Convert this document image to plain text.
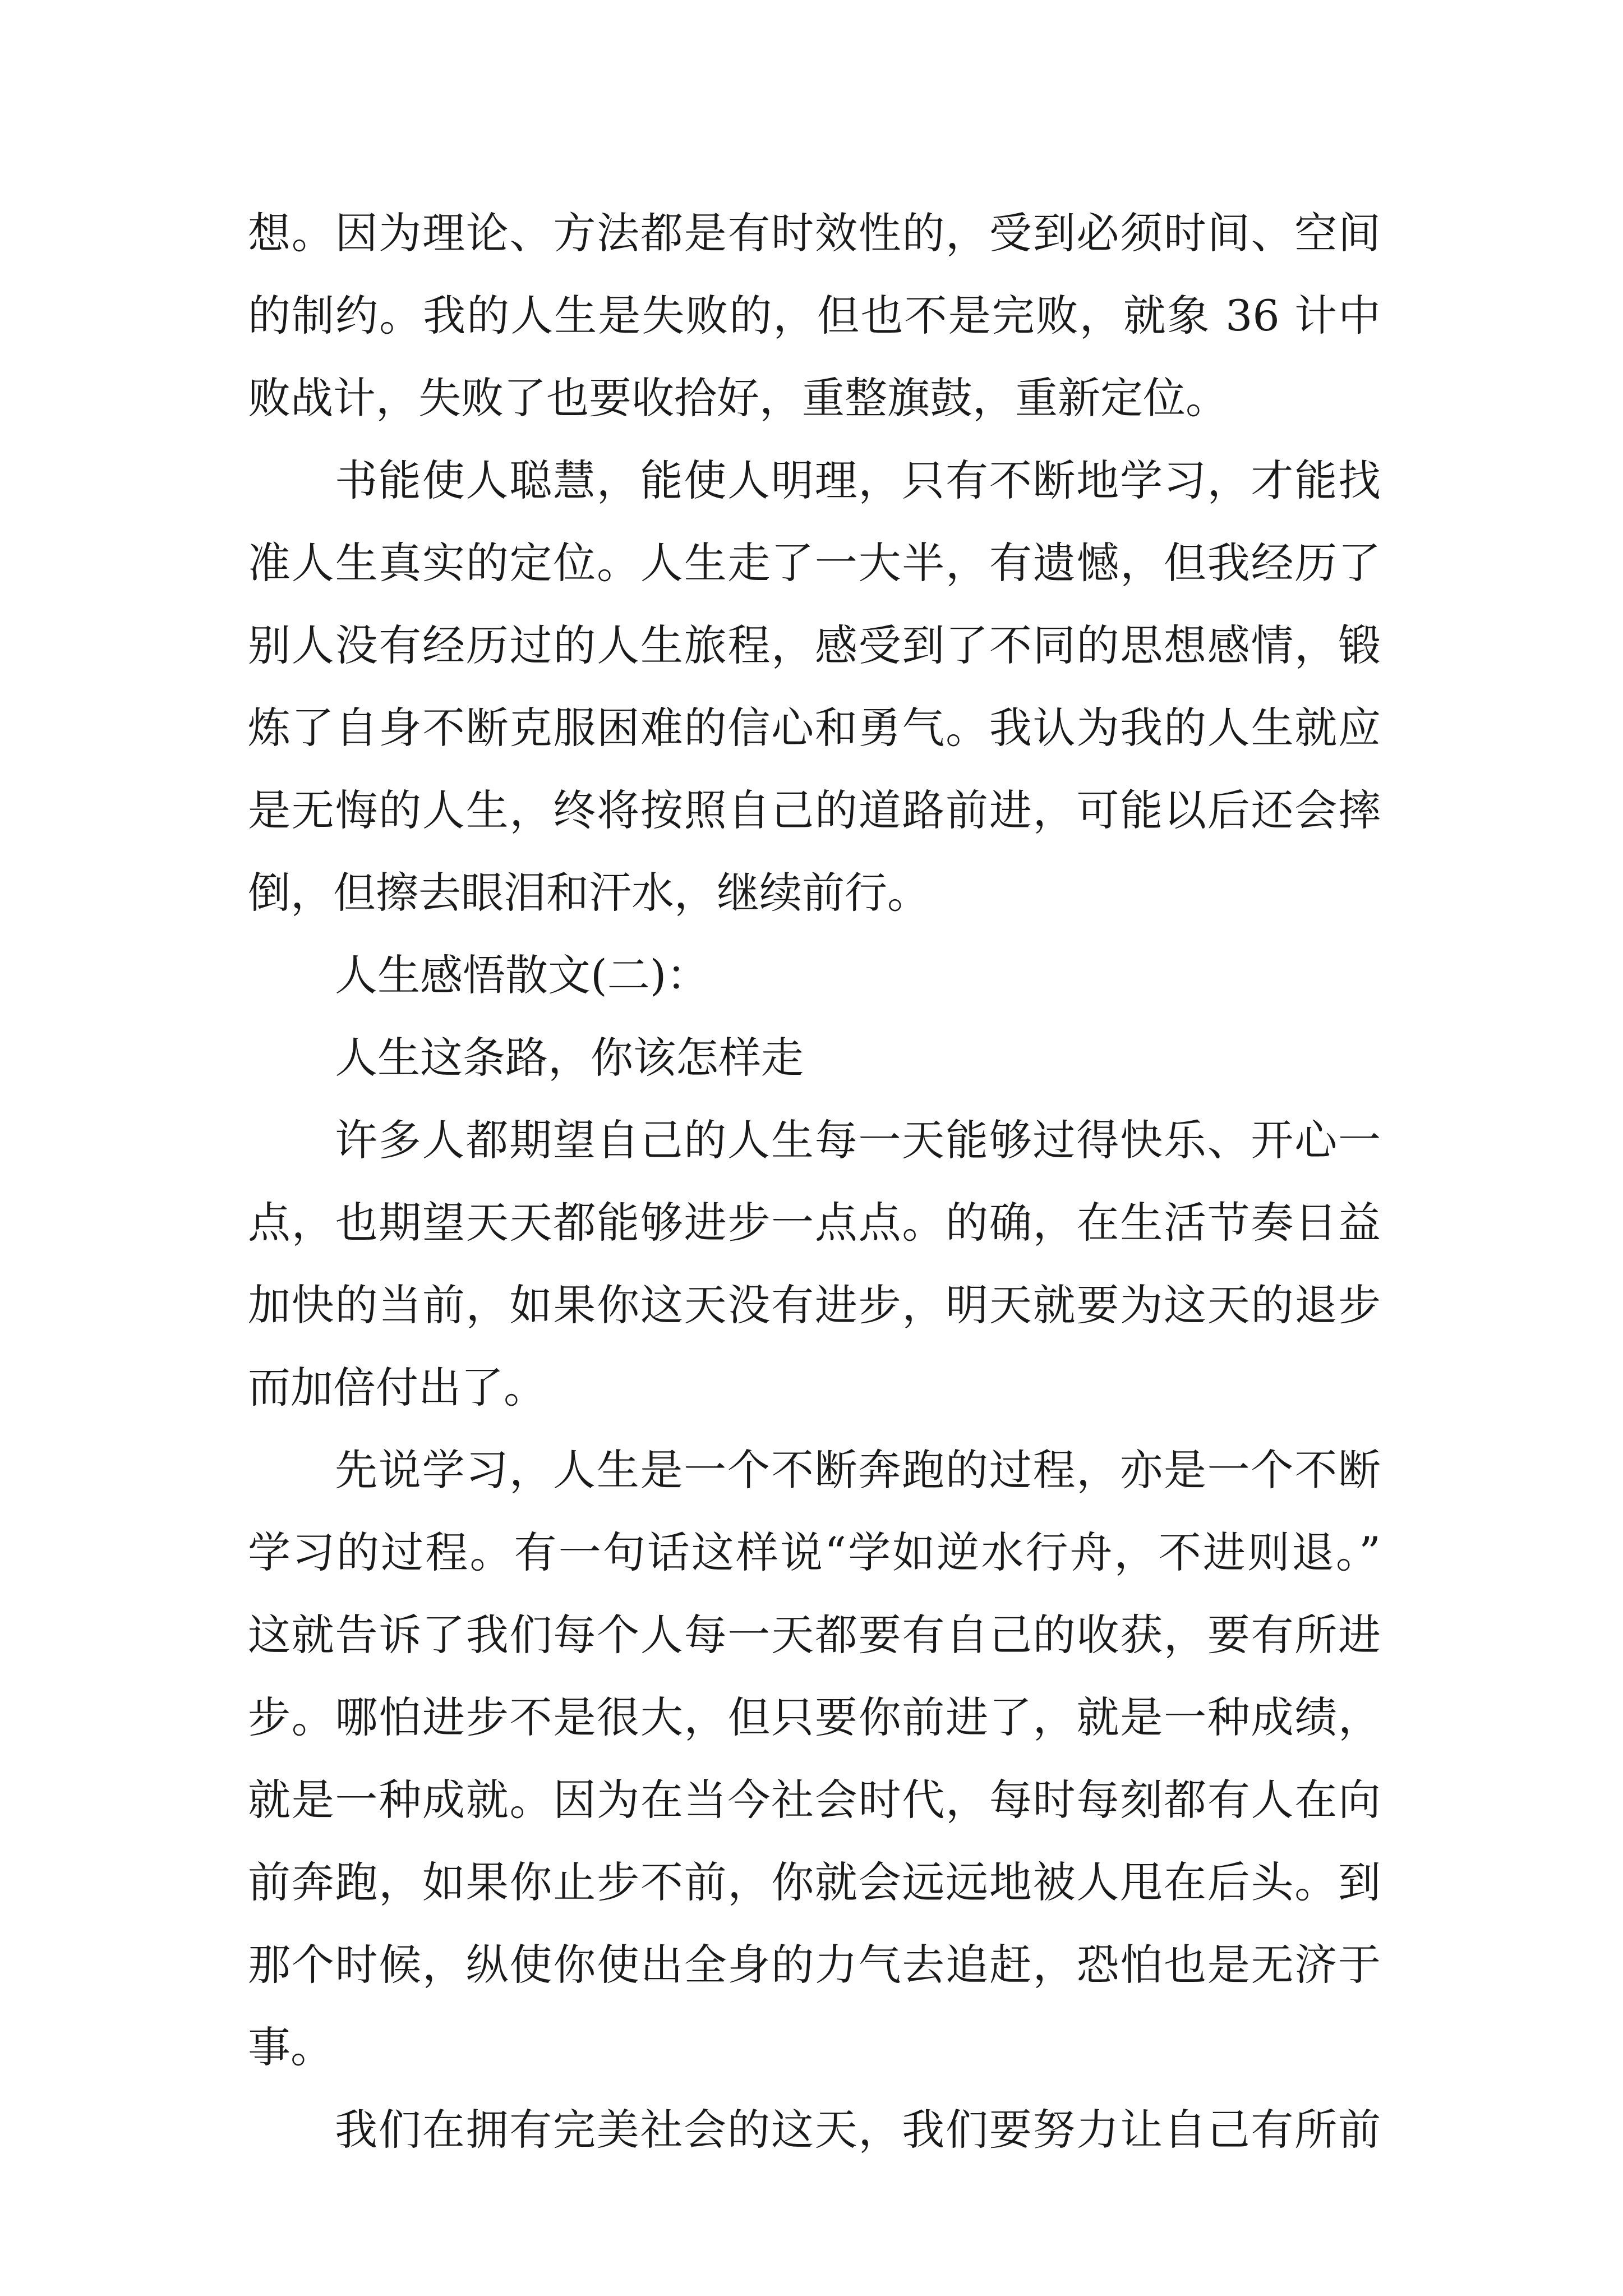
想。因为理论、方法都是有时效性的，受到必须时间、空间
的制约。我的人生是失败的，但也不是完败，就象 36 计中
败战计，失败了也要收拾好，重整旗鼓，重新定位。
书能使人聪慧，能使人明理，只有不断地学习，才能找
准人生真实的定位。人生走了一大半，有遗憾，但我经历了
别人没有经历过的人生旅程，感受到了不同的思想感情，锻
炼了自身不断克服困难的信心和勇气。我认为我的人生就应
是无悔的人生，终将按照自己的道路前进，可能以后还会摔
倒，但擦去眼泪和汗水，继续前行。
人生感悟散文(二)：
人生这条路，你该怎样走
许多人都期望自己的人生每一天能够过得快乐、开心一
点，也期望天天都能够进步一点点。的确，在生活节奏日益
加快的当前，如果你这天没有进步，明天就要为这天的退步
而加倍付出了。
先说学习，人生是一个不断奔跑的过程，亦是一个不断
学习的过程。有一句话这样说“学如逆水行舟，不进则退。”
这就告诉了我们每个人每一天都要有自己的收获，要有所进
步。哪怕进步不是很大，但只要你前进了，就是一种成绩，
就是一种成就。因为在当今社会时代，每时每刻都有人在向
前奔跑，如果你止步不前，你就会远远地被人甩在后头。到
那个时候，纵使你使出全身的力气去追赶，恐怕也是无济于
事。
我们在拥有完美社会的这天，我们要努力让自己有所前
